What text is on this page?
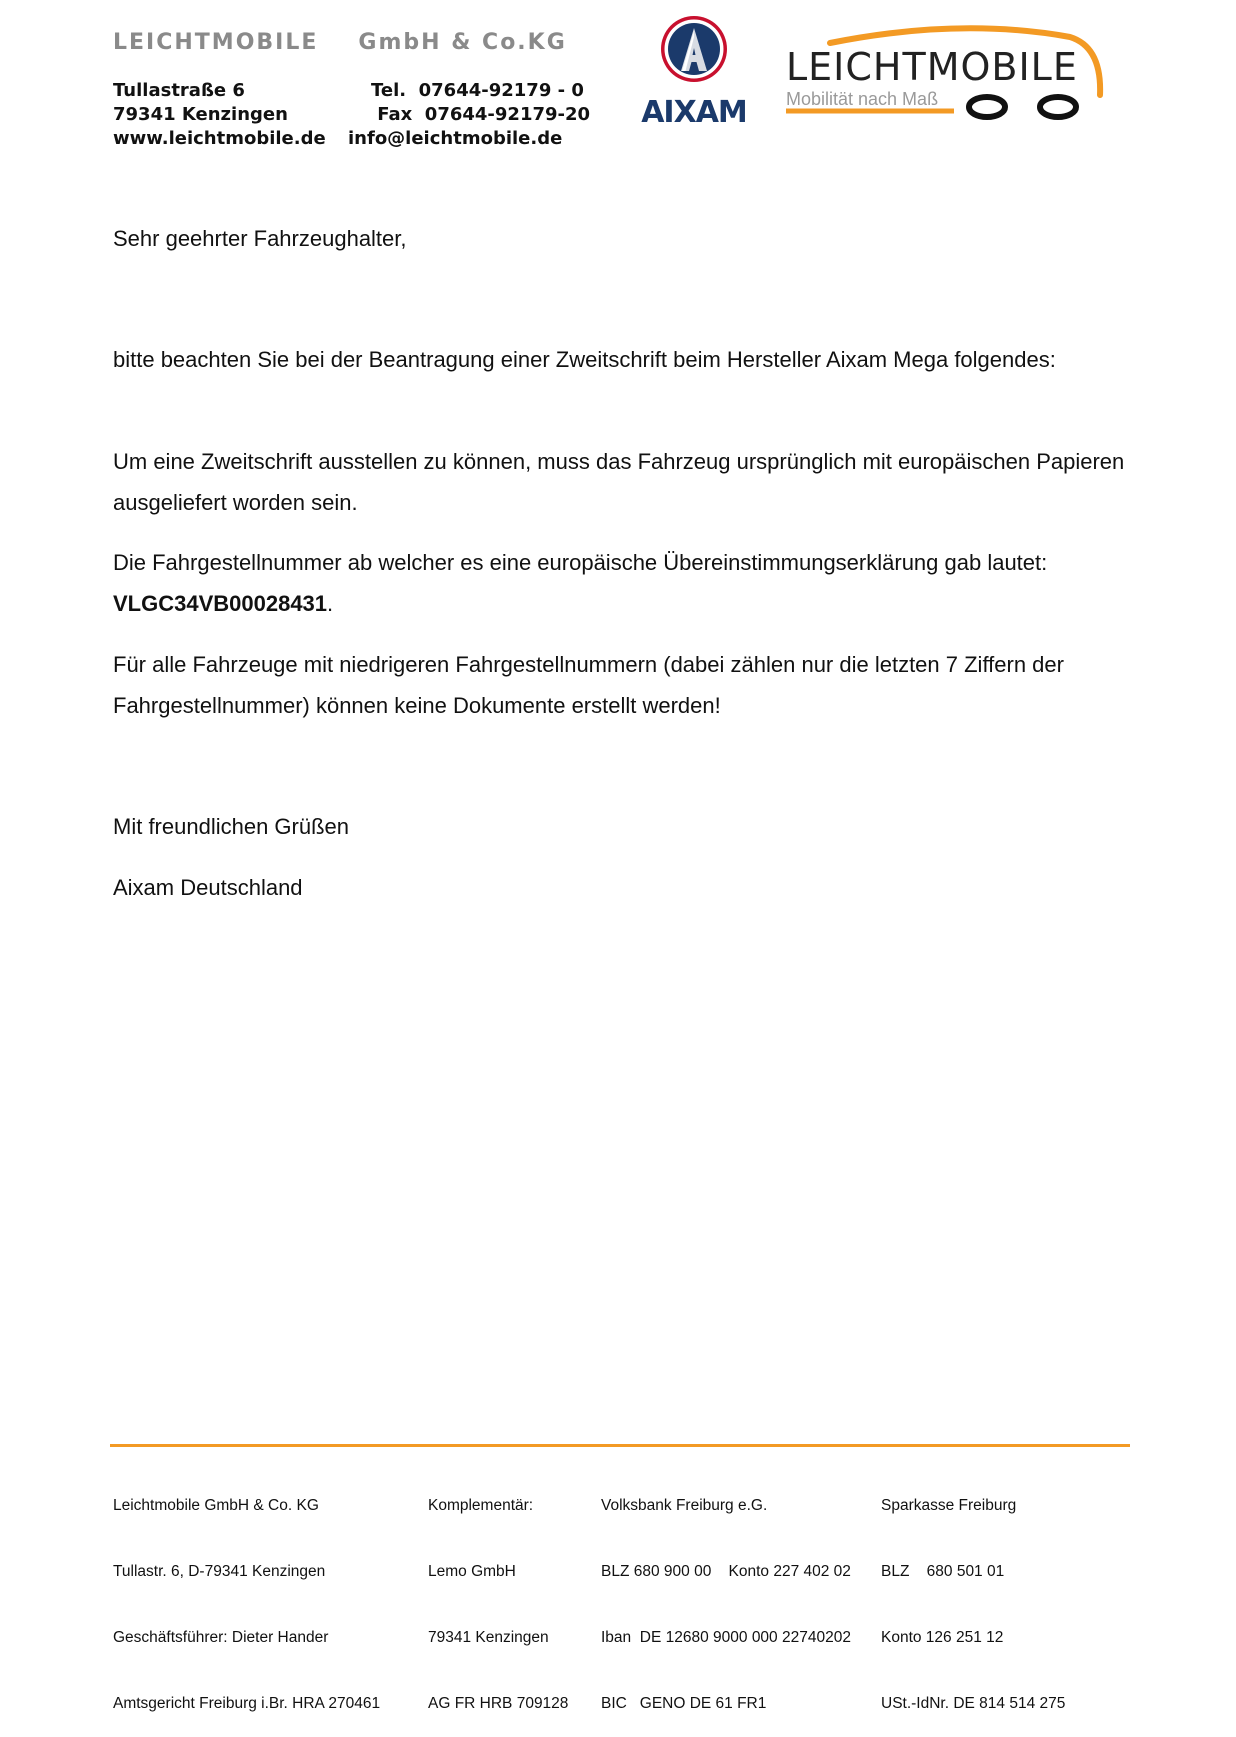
LEICHTMOBILE GmbH & Co.KG
Tullastraße 6
79341 Kenzingen
www.leichtmobile.de
Tel.  07644-92179 - 0
Fax  07644-92179-20
info@leichtmobile.de
AIXAM
LEICHTMOBILE
Mobilität nach Maß
Sehr geehrter Fahrzeughalter,
bitte beachten Sie bei der Beantragung einer Zweitschrift beim Hersteller Aixam Mega folgendes:
Um eine Zweitschrift ausstellen zu können, muss das Fahrzeug ursprünglich mit europäischen Papieren ausgeliefert worden sein.
Die Fahrgestellnummer ab welcher es eine europäische Übereinstimmungserklärung gab lautet:
VLGC34VB00028431.
Für alle Fahrzeuge mit niedrigeren Fahrgestellnummern (dabei zählen nur die letzten 7 Ziffern der Fahrgestellnummer) können keine Dokumente erstellt werden!
Mit freundlichen Grüßen
Aixam Deutschland

Leichtmobile GmbH & Co. KG

Tullastr. 6, D-79341 Kenzingen

Geschäftsführer: Dieter Hander

Amtsgericht Freiburg i.Br. HRA 270461

Komplementär:

Lemo GmbH

79341 Kenzingen

AG FR HRB 709128

Volksbank Freiburg e.G.

BLZ 680 900 00    Konto 227 402 02

Iban  DE 12680 9000 000 22740202

BIC   GENO DE 61 FR1

Sparkasse Freiburg

BLZ    680 501 01

Konto 126 251 12

USt.-IdNr. DE 814 514 275
